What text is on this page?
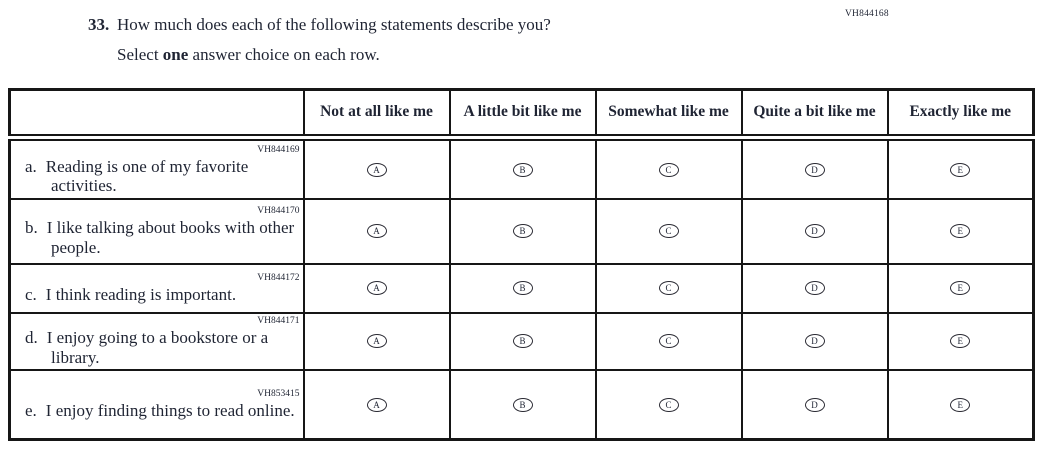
VH844168
33. How much does each of the following statements describe you?
Select one answer choice on each row.
	Not at all like me	A little bit like me	Somewhat like me	Quite a bit like me	Exactly like me

VH844169
a. Reading is one of my favorite activities.	A	B	C	D	E

VH844170
b. I like talking about books with other people.	A	B	C	D	E

VH844172
c. I think reading is important.	A	B	C	D	E

VH844171
d. I enjoy going to a bookstore or a library.	A	B	C	D	E

VH853415
e. I enjoy finding things to read online.	A	B	C	D	E
